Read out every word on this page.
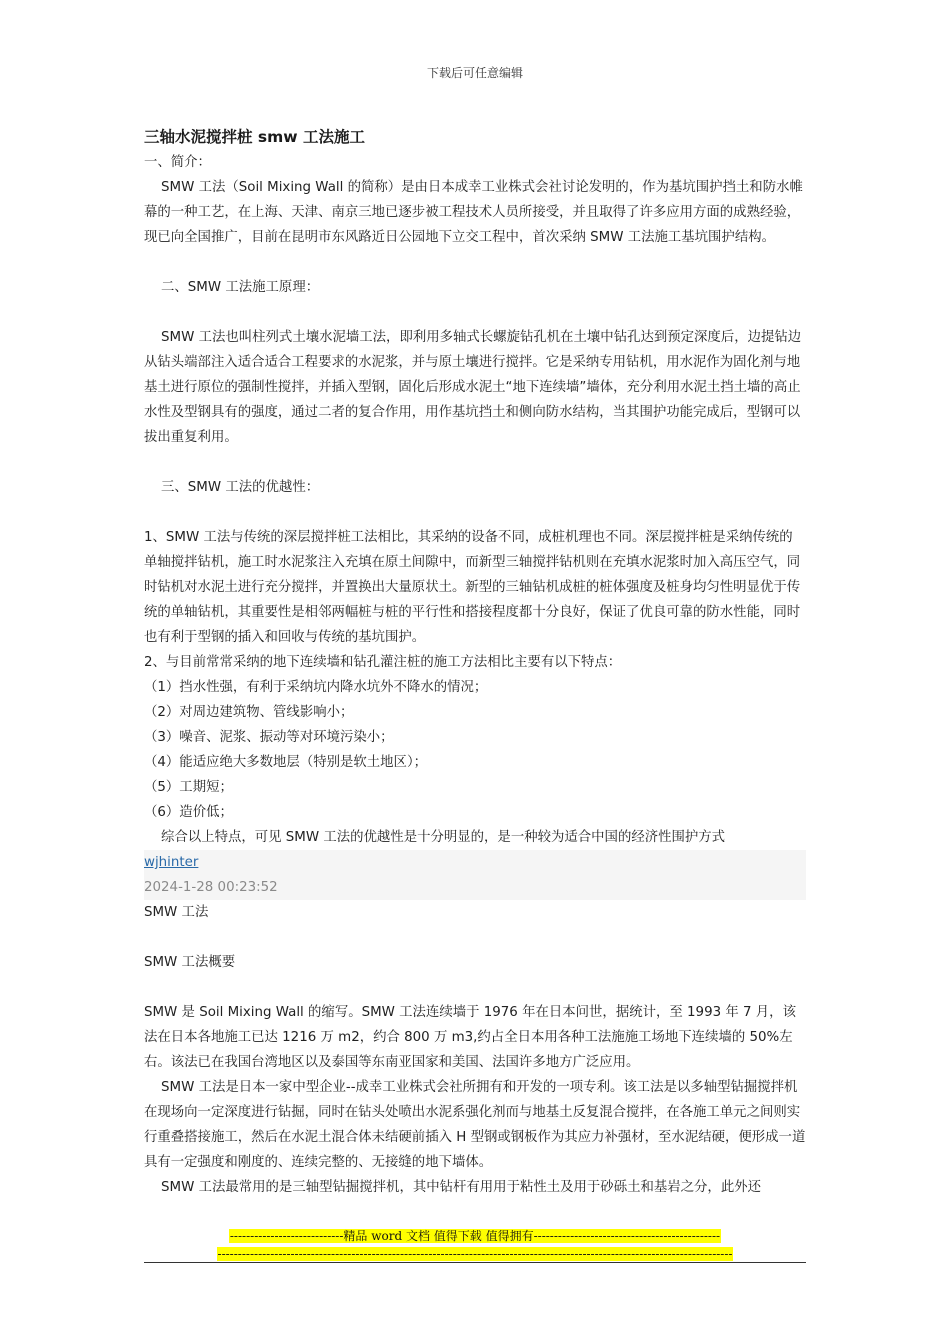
下载后可任意编辑
三轴水泥搅拌桩 smw 工法施工

一、简介：

SMW 工法（Soil Mixing Wall 的简称）是由日本成幸工业株式会社讨论发明的，作为基坑围护挡土和防水帷幕的一种工艺，在上海、天津、南京三地已逐步被工程技术人员所接受，并且取得了许多应用方面的成熟经验，现已向全国推广，目前在昆明市东风路近日公园地下立交工程中，首次采纳 SMW 工法施工基坑围护结构。

二、SMW 工法施工原理：

SMW 工法也叫柱列式土壤水泥墙工法，即利用多轴式长螺旋钻孔机在土壤中钻孔达到预定深度后，边提钻边从钻头端部注入适合适合工程要求的水泥浆，并与原土壤进行搅拌。它是采纳专用钻机，用水泥作为固化剂与地基土进行原位的强制性搅拌，并插入型钢，固化后形成水泥土“地下连续墙”墙体，充分利用水泥土挡土墙的高止水性及型钢具有的强度，通过二者的复合作用，用作基坑挡土和侧向防水结构，当其围护功能完成后，型钢可以拔出重复利用。

三、SMW 工法的优越性：

1、SMW 工法与传统的深层搅拌桩工法相比，其采纳的设备不同，成桩机理也不同。深层搅拌桩是采纳传统的单轴搅拌钻机，施工时水泥浆注入充填在原土间隙中，而新型三轴搅拌钻机则在充填水泥浆时加入高压空气，同时钻机对水泥土进行充分搅拌，并置换出大量原状土。新型的三轴钻机成桩的桩体强度及桩身均匀性明显优于传统的单轴钻机，其重要性是相邻两幅桩与桩的平行性和搭接程度都十分良好，保证了优良可靠的防水性能，同时也有利于型钢的插入和回收与传统的基坑围护。

2、与目前常常采纳的地下连续墙和钻孔灌注桩的施工方法相比主要有以下特点：

（1）挡水性强，有利于采纳坑内降水坑外不降水的情况；

（2）对周边建筑物、管线影响小；

（3）噪音、泥浆、振动等对环境污染小；

（4）能适应绝大多数地层（特别是软土地区）；

（5）工期短；

（6）造价低；

综合以上特点，可见 SMW 工法的优越性是十分明显的，是一种较为适合中国的经济性围护方式

wjhinter
2024-1-28 00:23:52

SMW 工法

SMW 工法概要

SMW 是 Soil Mixing Wall 的缩写。SMW 工法连续墙于 1976 年在日本问世，据统计，至 1993 年 7 月，该法在日本各地施工已达 1216 万 m2，约合 800 万 m3,约占全日本用各种工法施施工场地下连续墙的 50%左右。该法已在我国台湾地区以及泰国等东南亚国家和美国、法国许多地方广泛应用。

SMW 工法是日本一家中型企业--成幸工业株式会社所拥有和开发的一项专利。该工法是以多轴型钻掘搅拌机在现场向一定深度进行钻掘，同时在钻头处喷出水泥系强化剂而与地基土反复混合搅拌，在各施工单元之间则实行重叠搭接施工，然后在水泥土混合体未结硬前插入 H 型钢或钢板作为其应力补强材，至水泥结硬，便形成一道具有一定强度和刚度的、连续完整的、无接缝的地下墙体。

SMW 工法最常用的是三轴型钻掘搅拌机，其中钻杆有用用于粘性土及用于砂砾土和基岩之分，此外还

----------------------------精品 word 文档 值得下载 值得拥有----------------------------------------------
-------------------------------------------------------------------------------------------------------------------------------
